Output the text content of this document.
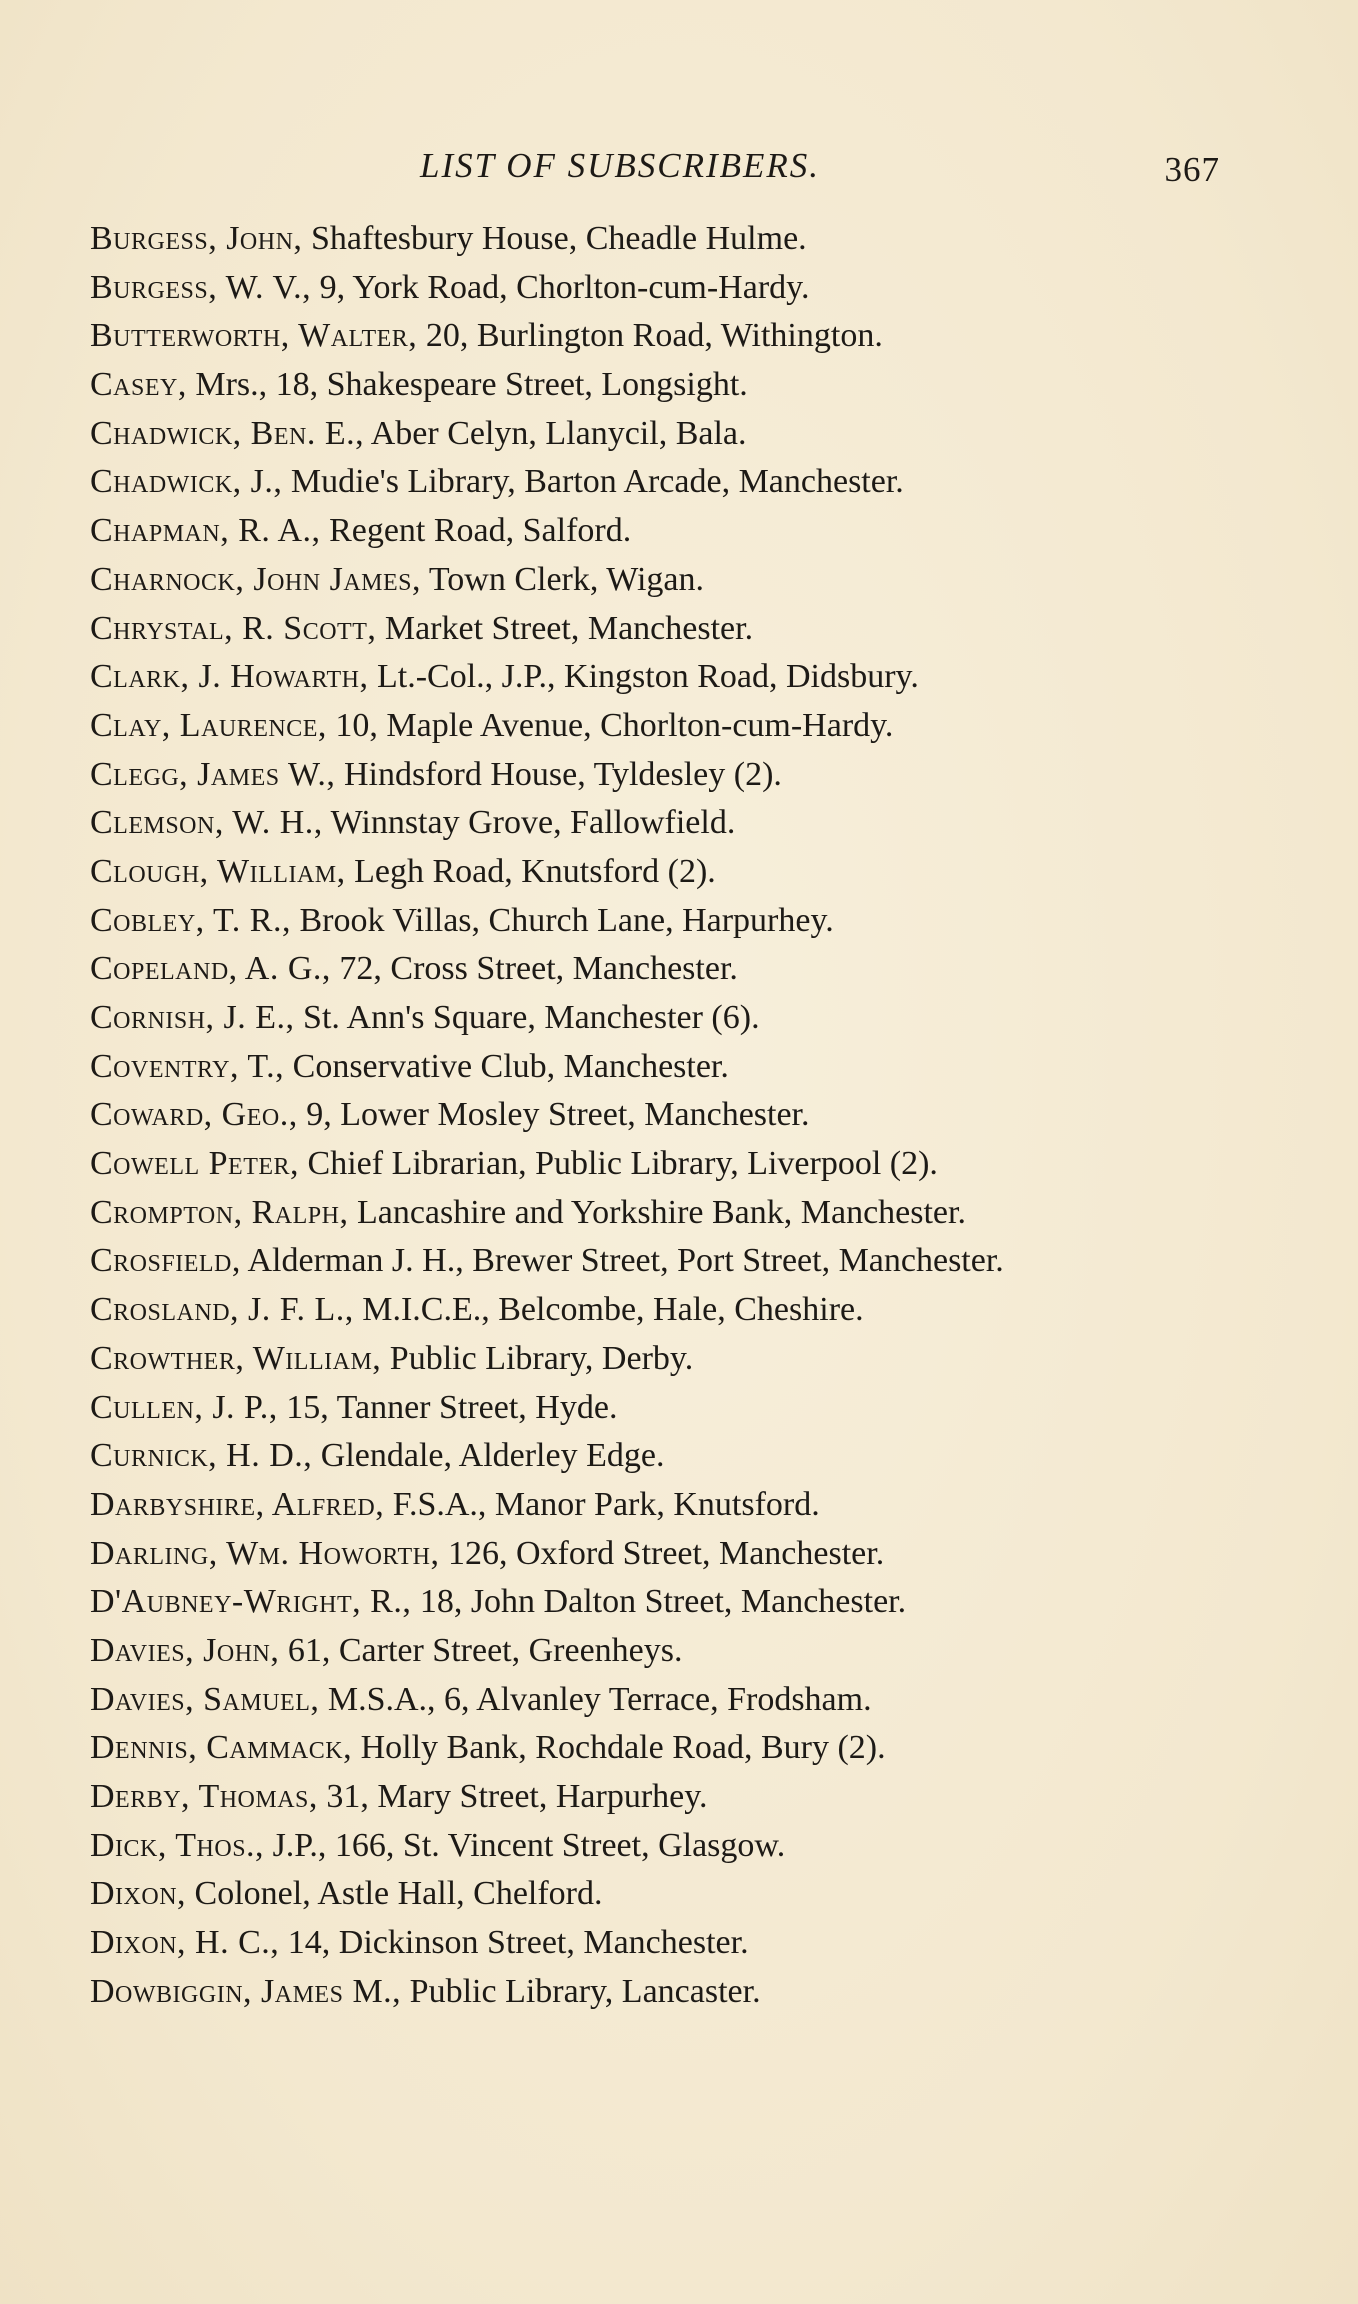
LIST OF SUBSCRIBERS.	367
Burgess, John, Shaftesbury House, Cheadle Hulme.
Burgess, W. V., 9, York Road, Chorlton-cum-Hardy.
Butterworth, Walter, 20, Burlington Road, Withington.
Casey, Mrs., 18, Shakespeare Street, Longsight.
Chadwick, Ben. E., Aber Celyn, Llanycil, Bala.
Chadwick, J., Mudie's Library, Barton Arcade, Manchester.
Chapman, R. A., Regent Road, Salford.
Charnock, John James, Town Clerk, Wigan.
Chrystal, R. Scott, Market Street, Manchester.
Clark, J. Howarth, Lt.-Col., J.P., Kingston Road, Didsbury.
Clay, Laurence, 10, Maple Avenue, Chorlton-cum-Hardy.
Clegg, James W., Hindsford House, Tyldesley (2).
Clemson, W. H., Winnstay Grove, Fallowfield.
Clough, William, Legh Road, Knutsford (2).
Cobley, T. R., Brook Villas, Church Lane, Harpurhey.
Copeland, A. G., 72, Cross Street, Manchester.
Cornish, J. E., St. Ann's Square, Manchester (6).
Coventry, T., Conservative Club, Manchester.
Coward, Geo., 9, Lower Mosley Street, Manchester.
Cowell Peter, Chief Librarian, Public Library, Liverpool (2).
Crompton, Ralph, Lancashire and Yorkshire Bank, Manchester.
Crosfield, Alderman J. H., Brewer Street, Port Street, Manchester.
Crosland, J. F. L., M.I.C.E., Belcombe, Hale, Cheshire.
Crowther, William, Public Library, Derby.
Cullen, J. P., 15, Tanner Street, Hyde.
Curnick, H. D., Glendale, Alderley Edge.
Darbyshire, Alfred, F.S.A., Manor Park, Knutsford.
Darling, Wm. Howorth, 126, Oxford Street, Manchester.
D'Aubney-Wright, R., 18, John Dalton Street, Manchester.
Davies, John, 61, Carter Street, Greenheys.
Davies, Samuel, M.S.A., 6, Alvanley Terrace, Frodsham.
Dennis, Cammack, Holly Bank, Rochdale Road, Bury (2).
Derby, Thomas, 31, Mary Street, Harpurhey.
Dick, Thos., J.P., 166, St. Vincent Street, Glasgow.
Dixon, Colonel, Astle Hall, Chelford.
Dixon, H. C., 14, Dickinson Street, Manchester.
Dowbiggin, James M., Public Library, Lancaster.
